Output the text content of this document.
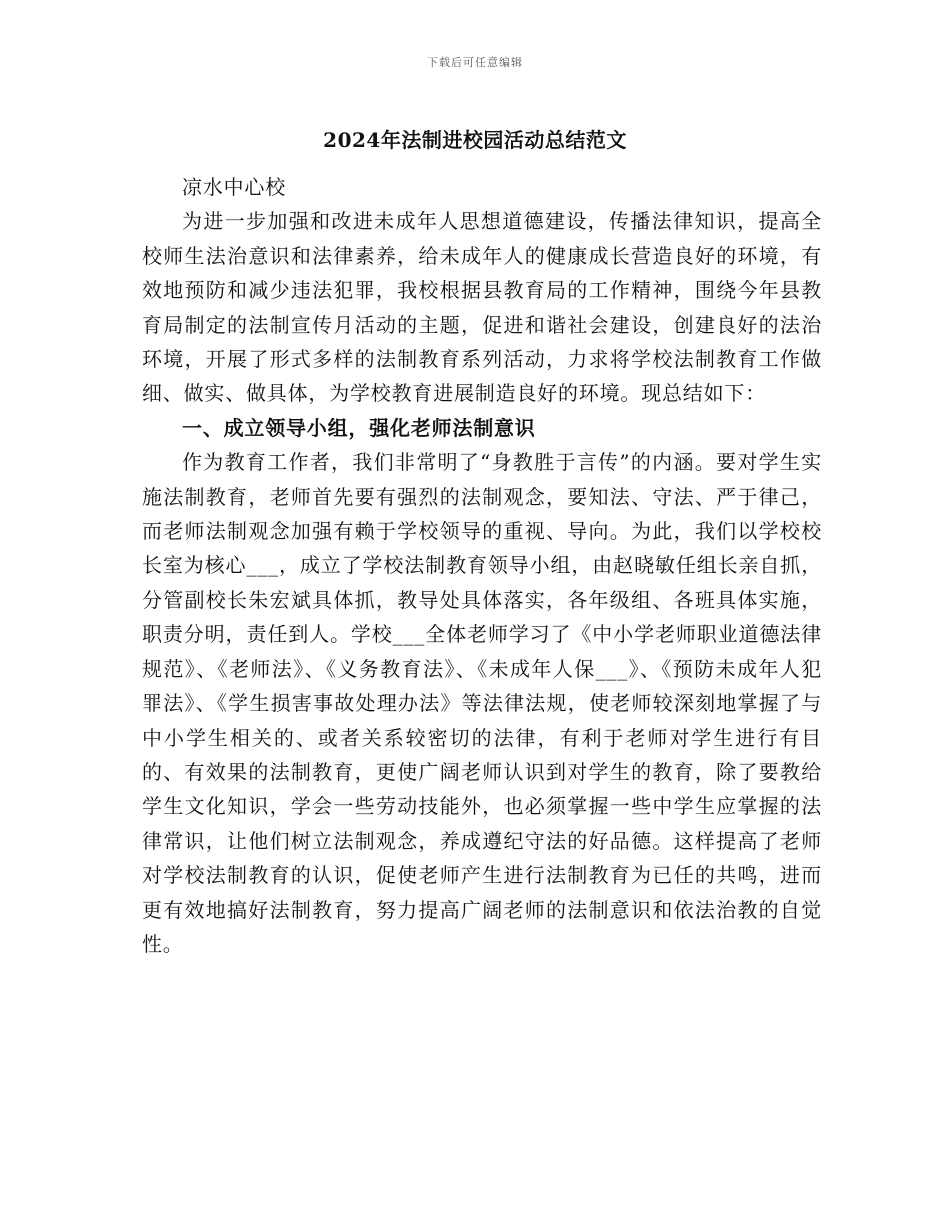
下载后可任意编辑
2024年法制进校园活动总结范文

凉水中心校

为进一步加强和改进未成年人思想道德建设，传播法律知识，提高全校师生法治意识和法律素养，给未成年人的健康成长营造良好的环境，有效地预防和减少违法犯罪，我校根据县教育局的工作精神，围绕今年县教育局制定的法制宣传月活动的主题，促进和谐社会建设，创建良好的法治环境，开展了形式多样的法制教育系列活动，力求将学校法制教育工作做细、做实、做具体，为学校教育进展制造良好的环境。现总结如下：

一、成立领导小组，强化老师法制意识

作为教育工作者，我们非常明了“身教胜于言传”的内涵。要对学生实施法制教育，老师首先要有强烈的法制观念，要知法、守法、严于律己，而老师法制观念加强有赖于学校领导的重视、导向。为此，我们以学校校长室为核心___，成立了学校法制教育领导小组，由赵晓敏任组长亲自抓，分管副校长朱宏斌具体抓，教导处具体落实，各年级组、各班具体实施，职责分明，责任到人。学校___全体老师学习了《中小学老师职业道德法律规范》、《老师法》、《义务教育法》、《未成年人保___》、《预防未成年人犯罪法》、《学生损害事故处理办法》等法律法规，使老师较深刻地掌握了与中小学生相关的、或者关系较密切的法律，有利于老师对学生进行有目的、有效果的法制教育，更使广阔老师认识到对学生的教育，除了要教给学生文化知识，学会一些劳动技能外，也必须掌握一些中学生应掌握的法律常识，让他们树立法制观念，养成遵纪守法的好品德。这样提高了老师对学校法制教育的认识，促使老师产生进行法制教育为已任的共鸣，进而更有效地搞好法制教育，努力提高广阔老师的法制意识和依法治教的自觉性。
